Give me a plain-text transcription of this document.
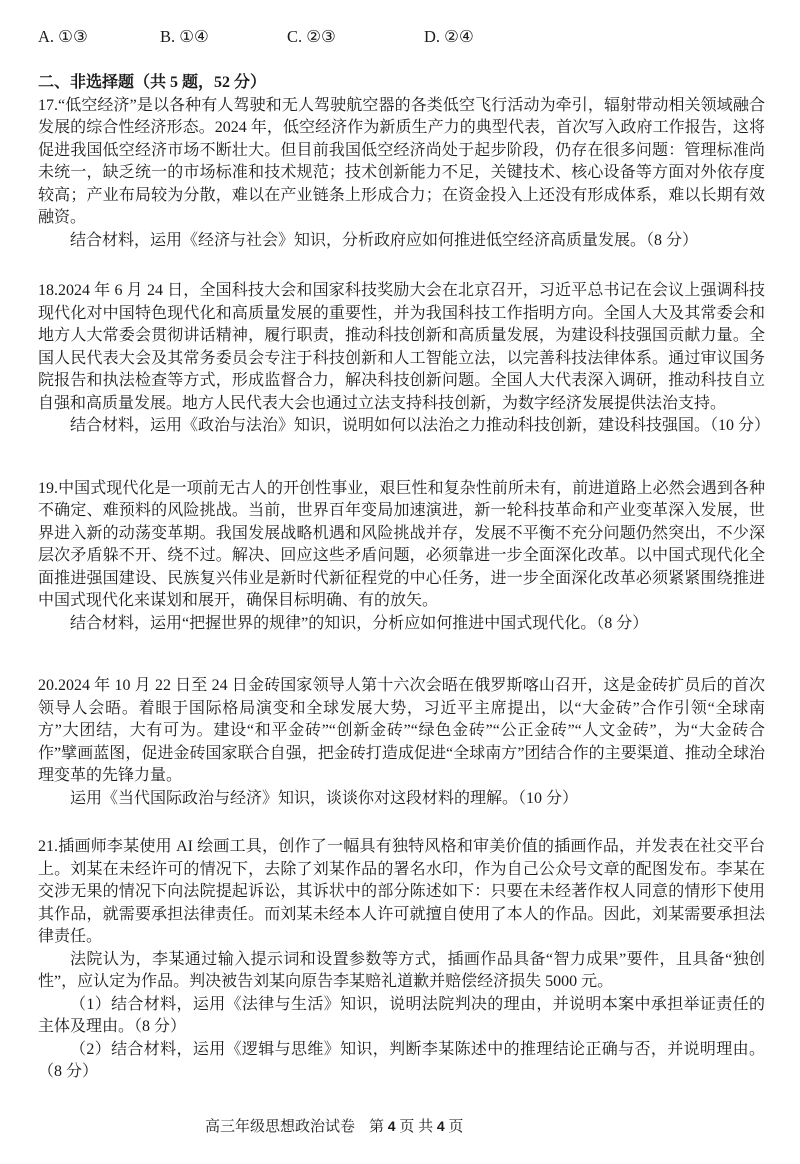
A. ①③	B. ①④	C. ②③	D. ②④
二、非选择题（共 5 题，52 分）

17.“低空经济”是以各种有人驾驶和无人驾驶航空器的各类低空飞行活动为牵引，辐射带动相关领域融合发展的综合性经济形态。2024 年，低空经济作为新质生产力的典型代表，首次写入政府工作报告，这将促进我国低空经济市场不断壮大。但目前我国低空经济尚处于起步阶段，仍存在很多问题：管理标准尚未统一，缺乏统一的市场标准和技术规范；技术创新能力不足，关键技术、核心设备等方面对外依存度较高；产业布局较为分散，难以在产业链条上形成合力；在资金投入上还没有形成体系，难以长期有效融资。

结合材料，运用《经济与社会》知识，分析政府应如何推进低空经济高质量发展。（8 分）

18.2024 年 6 月 24 日，全国科技大会和国家科技奖励大会在北京召开，习近平总书记在会议上强调科技现代化对中国特色现代化和高质量发展的重要性，并为我国科技工作指明方向。全国人大及其常委会和地方人大常委会贯彻讲话精神，履行职责，推动科技创新和高质量发展，为建设科技强国贡献力量。全国人民代表大会及其常务委员会专注于科技创新和人工智能立法，以完善科技法律体系。通过审议国务院报告和执法检查等方式，形成监督合力，解决科技创新问题。全国人大代表深入调研，推动科技自立自强和高质量发展。地方人民代表大会也通过立法支持科技创新，为数字经济发展提供法治支持。

结合材料，运用《政治与法治》知识，说明如何以法治之力推动科技创新，建设科技强国。（10 分）

19.中国式现代化是一项前无古人的开创性事业，艰巨性和复杂性前所未有，前进道路上必然会遇到各种不确定、难预料的风险挑战。当前，世界百年变局加速演进，新一轮科技革命和产业变革深入发展，世界进入新的动荡变革期。我国发展战略机遇和风险挑战并存，发展不平衡不充分问题仍然突出，不少深层次矛盾躲不开、绕不过。解决、回应这些矛盾问题，必须靠进一步全面深化改革。以中国式现代化全面推进强国建设、民族复兴伟业是新时代新征程党的中心任务，进一步全面深化改革必须紧紧围绕推进中国式现代化来谋划和展开，确保目标明确、有的放矢。

结合材料，运用“把握世界的规律”的知识，分析应如何推进中国式现代化。（8 分）

20.2024 年 10 月 22 日至 24 日金砖国家领导人第十六次会晤在俄罗斯喀山召开，这是金砖扩员后的首次领导人会晤。着眼于国际格局演变和全球发展大势，习近平主席提出，以“大金砖”合作引领“全球南方”大团结，大有可为。建设“和平金砖”“创新金砖”“绿色金砖”“公正金砖”“人文金砖”，为“大金砖合作”擘画蓝图，促进金砖国家联合自强，把金砖打造成促进“全球南方”团结合作的主要渠道、推动全球治理变革的先锋力量。

运用《当代国际政治与经济》知识，谈谈你对这段材料的理解。（10 分）

21.插画师李某使用 AI 绘画工具，创作了一幅具有独特风格和审美价值的插画作品，并发表在社交平台上。刘某在未经许可的情况下，去除了刘某作品的署名水印，作为自己公众号文章的配图发布。李某在交涉无果的情况下向法院提起诉讼，其诉状中的部分陈述如下：只要在未经著作权人同意的情形下使用其作品，就需要承担法律责任。而刘某未经本人许可就擅自使用了本人的作品。因此，刘某需要承担法律责任。

法院认为，李某通过输入提示词和设置参数等方式，插画作品具备“智力成果”要件，且具备“独创性”，应认定为作品。判决被告刘某向原告李某赔礼道歉并赔偿经济损失 5000 元。

（1）结合材料，运用《法律与生活》知识，说明法院判决的理由，并说明本案中承担举证责任的主体及理由。（8 分）

（2）结合材料，运用《逻辑与思维》知识，判断李某陈述中的推理结论正确与否，并说明理由。（8 分）

高三年级思想政治试卷 第 4 页 共 4 页
